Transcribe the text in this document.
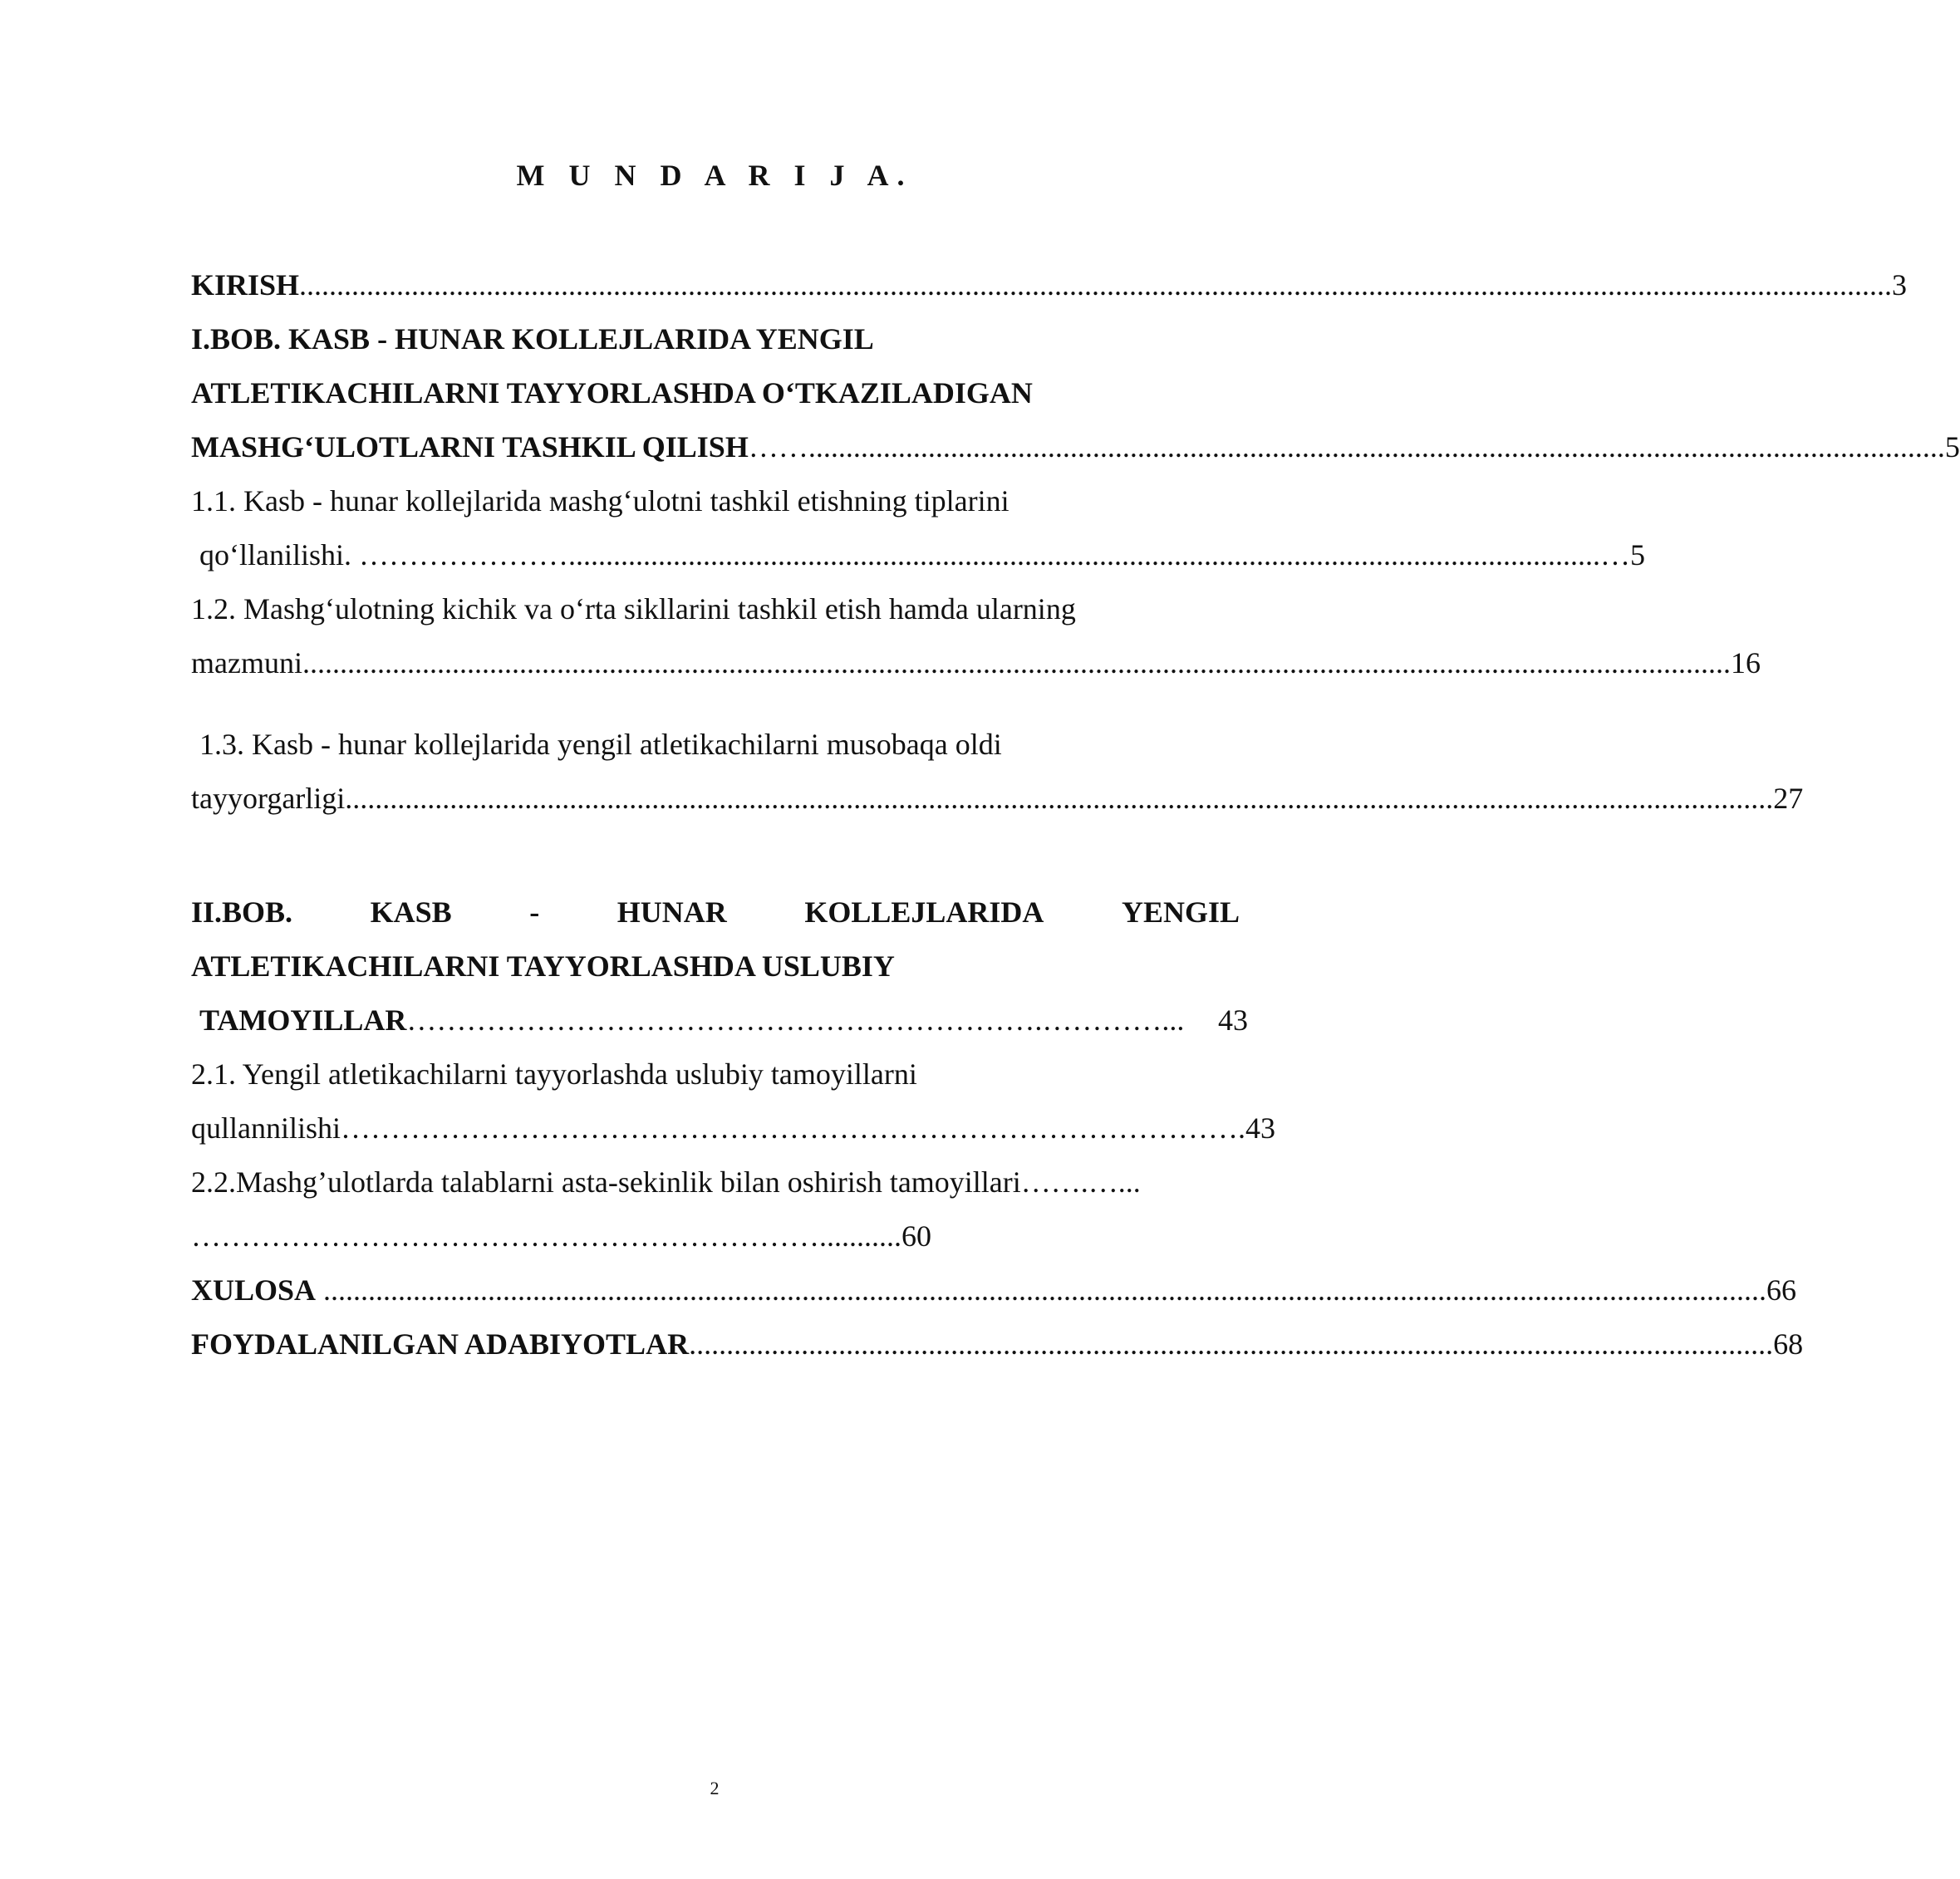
M U N D A R I J A.
KIRISH ..................................................................................................................................................................................................................... 3
I.BOB. KASB - HUNAR KOLLEJLARIDA YENGIL
ATLETIKACHILARNI TAYYORLASHDA O‘TKAZILADIGAN
MASHG‘ULOTLARNI TASHKIL QILISH ……........................................................................................................................................................ 5
1.1. Kasb - hunar kollejlarida мashg‘ulotni tashkil etishning tiplarini
qo‘llanilishi. …………………..........................................................................................................................................… 5
1.2. Mashg‘ulotning kichik va o‘rta sikllarini tashkil etish hamda ularning
mazmuni ............................................................................................................................................................................................... 16
1.3. Kasb - hunar kollejlarida yengil atletikachilarni musobaqa oldi
tayyorgarligi ............................................................................................................................................................................................... 27
II.BOB.	KASB	-	HUNAR	KOLLEJLARIDA	YENGIL
ATLETIKACHILARNI TAYYORLASHDA USLUBIY
TAMOYILLAR ……………………………………………………….…………...	43
2.1. Yengil atletikachilarni tayyorlashda uslubiy tamoyillarni
qullannilishi ………………………………………………………………………………. 43
2.2.Mashg’ulotlarda talablarni asta-sekinlik bilan oshirish tamoyillari…….…...
………………………………………………………...........60
XULOSA ................................................................................................................................................................................................. 66
FOYDALANILGAN ADABIYOTLAR ................................................................................................................................................. 68
2
